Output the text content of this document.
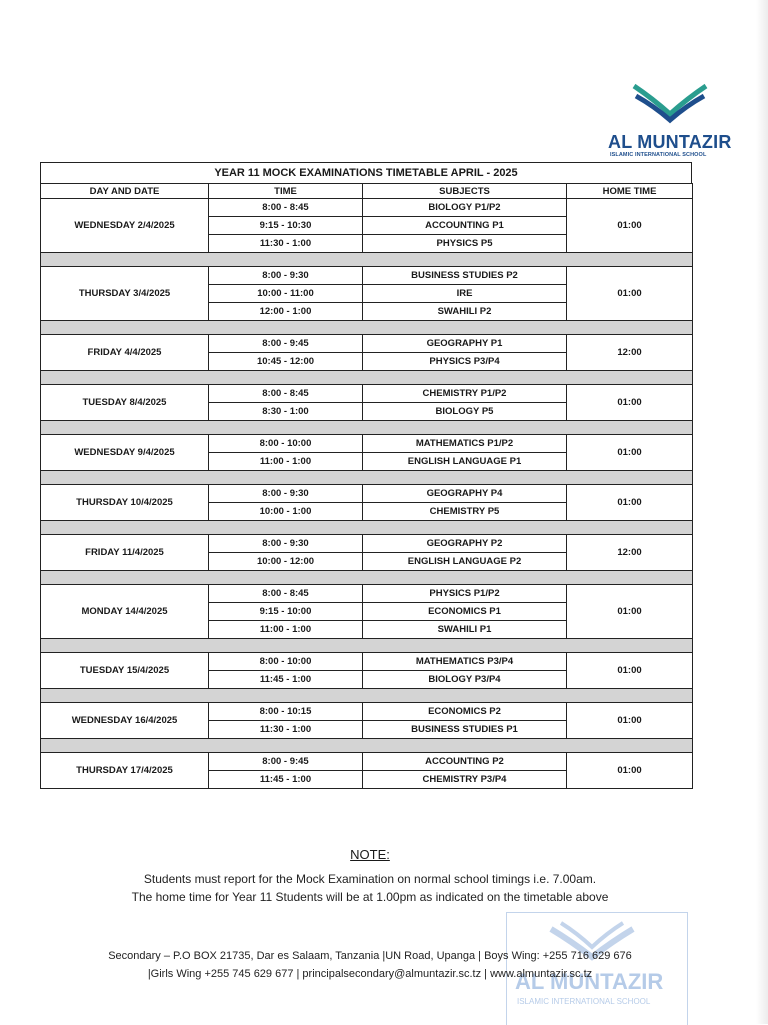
AL MUNTAZIR
ISLAMIC INTERNATIONAL SCHOOL
YEAR 11 MOCK EXAMINATIONS TIMETABLE APRIL - 2025
DAY AND DATE	TIME	SUBJECTS	HOME TIME
WEDNESDAY 2/4/2025	8:00 - 8:45	BIOLOGY P1/P2	01:00
	9:15 - 10:30	ACCOUNTING P1	
	11:30 - 1:00	PHYSICS P5	

THURSDAY 3/4/2025	8:00 - 9:30	BUSINESS STUDIES P2	01:00
	10:00 - 11:00	IRE	
	12:00 - 1:00	SWAHILI P2	

FRIDAY 4/4/2025	8:00 - 9:45	GEOGRAPHY P1	12:00
	10:45 - 12:00	PHYSICS P3/P4	

TUESDAY 8/4/2025	8:00 - 8:45	CHEMISTRY P1/P2	01:00
	8:30 - 1:00	BIOLOGY P5	

WEDNESDAY 9/4/2025	8:00 - 10:00	MATHEMATICS P1/P2	01:00
	11:00 - 1:00	ENGLISH LANGUAGE P1	

THURSDAY 10/4/2025	8:00 - 9:30	GEOGRAPHY P4	01:00
	10:00 - 1:00	CHEMISTRY P5	

FRIDAY 11/4/2025	8:00 - 9:30	GEOGRAPHY P2	12:00
	10:00 - 12:00	ENGLISH LANGUAGE P2	

MONDAY 14/4/2025	8:00 - 8:45	PHYSICS P1/P2	01:00
	9:15 - 10:00	ECONOMICS P1	
	11:00 - 1:00	SWAHILI P1	

TUESDAY 15/4/2025	8:00 - 10:00	MATHEMATICS P3/P4	01:00
	11:45 - 1:00	BIOLOGY P3/P4	

WEDNESDAY 16/4/2025	8:00 - 10:15	ECONOMICS P2	01:00
	11:30 - 1:00	BUSINESS STUDIES P1	

THURSDAY 17/4/2025	8:00 - 9:45	ACCOUNTING P2	01:00
	11:45 - 1:00	CHEMISTRY P3/P4	
NOTE:
Students must report for the Mock Examination on normal school timings i.e. 7.00am.
The home time for Year 11 Students will be at 1.00pm as indicated on the timetable above
AL MUNTAZIR
ISLAMIC INTERNATIONAL SCHOOL
Secondary – P.O BOX 21735, Dar es Salaam, Tanzania |UN Road, Upanga | Boys Wing: +255 716 629 676
|Girls Wing +255 745 629 677 | principalsecondary@almuntazir.sc.tz | www.almuntazir.sc.tz
